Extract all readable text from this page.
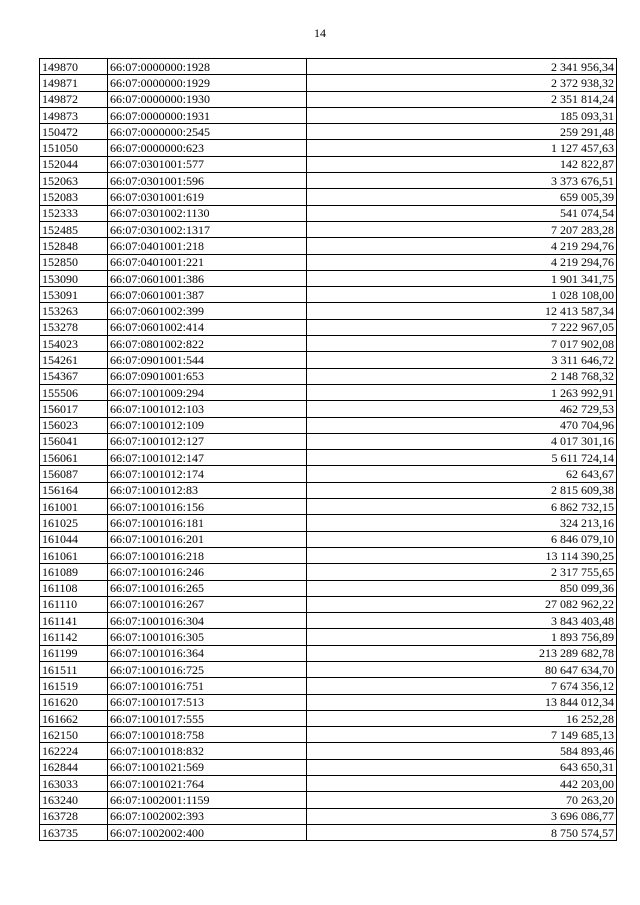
14
149870	66:07:0000000:1928	2 341 956,34
149871	66:07:0000000:1929	2 372 938,32
149872	66:07:0000000:1930	2 351 814,24
149873	66:07:0000000:1931	185 093,31
150472	66:07:0000000:2545	259 291,48
151050	66:07:0000000:623	1 127 457,63
152044	66:07:0301001:577	142 822,87
152063	66:07:0301001:596	3 373 676,51
152083	66:07:0301001:619	659 005,39
152333	66:07:0301002:1130	541 074,54
152485	66:07:0301002:1317	7 207 283,28
152848	66:07:0401001:218	4 219 294,76
152850	66:07:0401001:221	4 219 294,76
153090	66:07:0601001:386	1 901 341,75
153091	66:07:0601001:387	1 028 108,00
153263	66:07:0601002:399	12 413 587,34
153278	66:07:0601002:414	7 222 967,05
154023	66:07:0801002:822	7 017 902,08
154261	66:07:0901001:544	3 311 646,72
154367	66:07:0901001:653	2 148 768,32
155506	66:07:1001009:294	1 263 992,91
156017	66:07:1001012:103	462 729,53
156023	66:07:1001012:109	470 704,96
156041	66:07:1001012:127	4 017 301,16
156061	66:07:1001012:147	5 611 724,14
156087	66:07:1001012:174	62 643,67
156164	66:07:1001012:83	2 815 609,38
161001	66:07:1001016:156	6 862 732,15
161025	66:07:1001016:181	324 213,16
161044	66:07:1001016:201	6 846 079,10
161061	66:07:1001016:218	13 114 390,25
161089	66:07:1001016:246	2 317 755,65
161108	66:07:1001016:265	850 099,36
161110	66:07:1001016:267	27 082 962,22
161141	66:07:1001016:304	3 843 403,48
161142	66:07:1001016:305	1 893 756,89
161199	66:07:1001016:364	213 289 682,78
161511	66:07:1001016:725	80 647 634,70
161519	66:07:1001016:751	7 674 356,12
161620	66:07:1001017:513	13 844 012,34
161662	66:07:1001017:555	16 252,28
162150	66:07:1001018:758	7 149 685,13
162224	66:07:1001018:832	584 893,46
162844	66:07:1001021:569	643 650,31
163033	66:07:1001021:764	442 203,00
163240	66:07:1002001:1159	70 263,20
163728	66:07:1002002:393	3 696 086,77
163735	66:07:1002002:400	8 750 574,57
